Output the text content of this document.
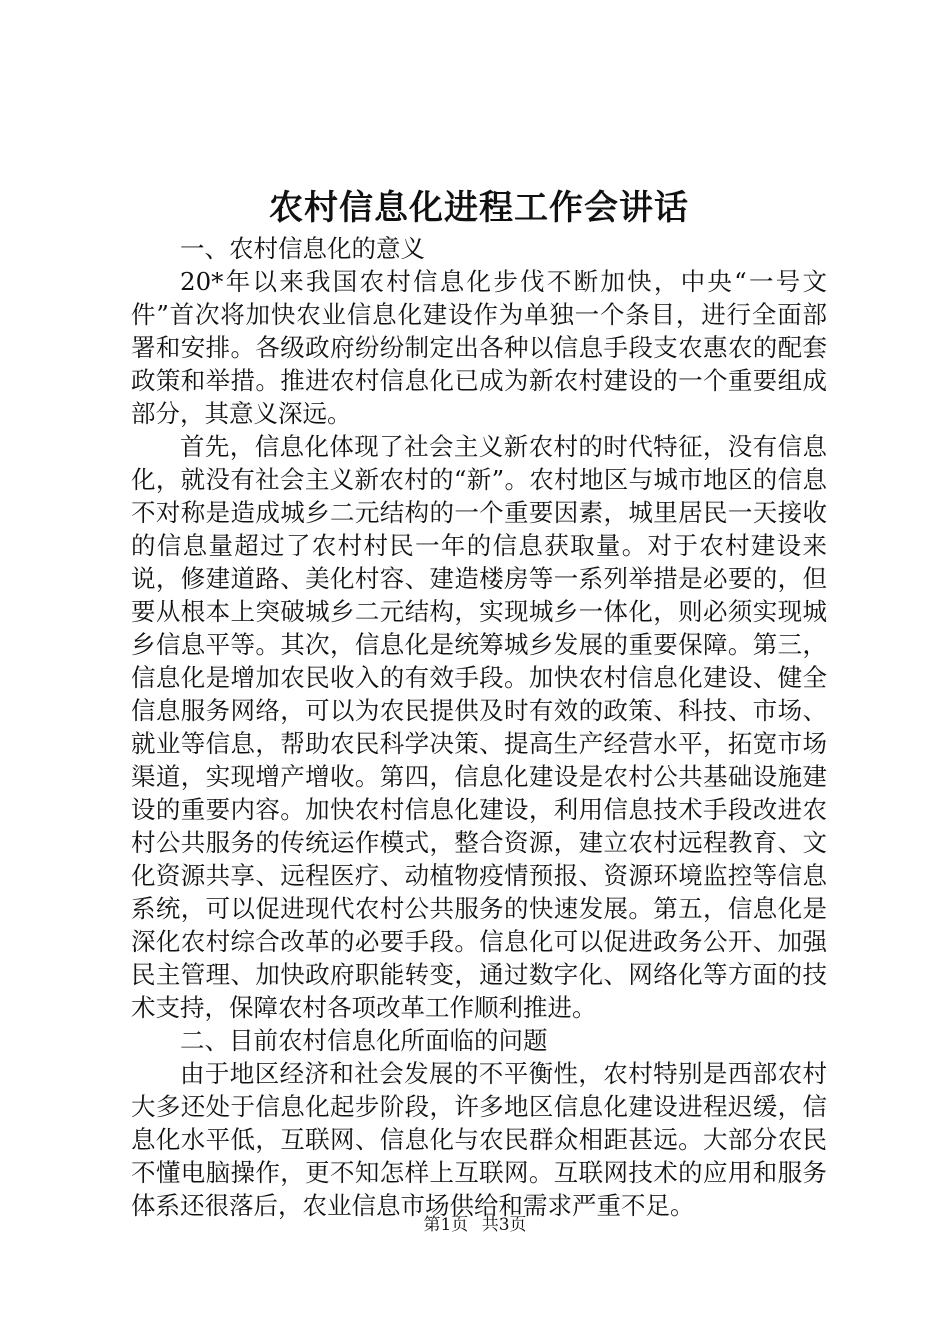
农村信息化进程工作会讲话

一、农村信息化的意义

20*年以来我国农村信息化步伐不断加快，中央“一号文件”首次将加快农业信息化建设作为单独一个条目，进行全面部署和安排。各级政府纷纷制定出各种以信息手段支农惠农的配套政策和举措。推进农村信息化已成为新农村建设的一个重要组成部分，其意义深远。

首先，信息化体现了社会主义新农村的时代特征，没有信息化，就没有社会主义新农村的“新”。农村地区与城市地区的信息不对称是造成城乡二元结构的一个重要因素，城里居民一天接收的信息量超过了农村村民一年的信息获取量。对于农村建设来说，修建道路、美化村容、建造楼房等一系列举措是必要的，但要从根本上突破城乡二元结构，实现城乡一体化，则必须实现城乡信息平等。其次，信息化是统筹城乡发展的重要保障。第三，信息化是增加农民收入的有效手段。加快农村信息化建设、健全信息服务网络，可以为农民提供及时有效的政策、科技、市场、就业等信息，帮助农民科学决策、提高生产经营水平，拓宽市场渠道，实现增产增收。第四，信息化建设是农村公共基础设施建设的重要内容。加快农村信息化建设，利用信息技术手段改进农村公共服务的传统运作模式，整合资源，建立农村远程教育、文化资源共享、远程医疗、动植物疫情预报、资源环境监控等信息系统，可以促进现代农村公共服务的快速发展。第五，信息化是深化农村综合改革的必要手段。信息化可以促进政务公开、加强民主管理、加快政府职能转变，通过数字化、网络化等方面的技术支持，保障农村各项改革工作顺利推进。

二、目前农村信息化所面临的问题

由于地区经济和社会发展的不平衡性，农村特别是西部农村大多还处于信息化起步阶段，许多地区信息化建设进程迟缓，信息化水平低，互联网、信息化与农民群众相距甚远。大部分农民不懂电脑操作，更不知怎样上互联网。互联网技术的应用和服务体系还很落后，农业信息市场供给和需求严重不足。

第1页 共3页
